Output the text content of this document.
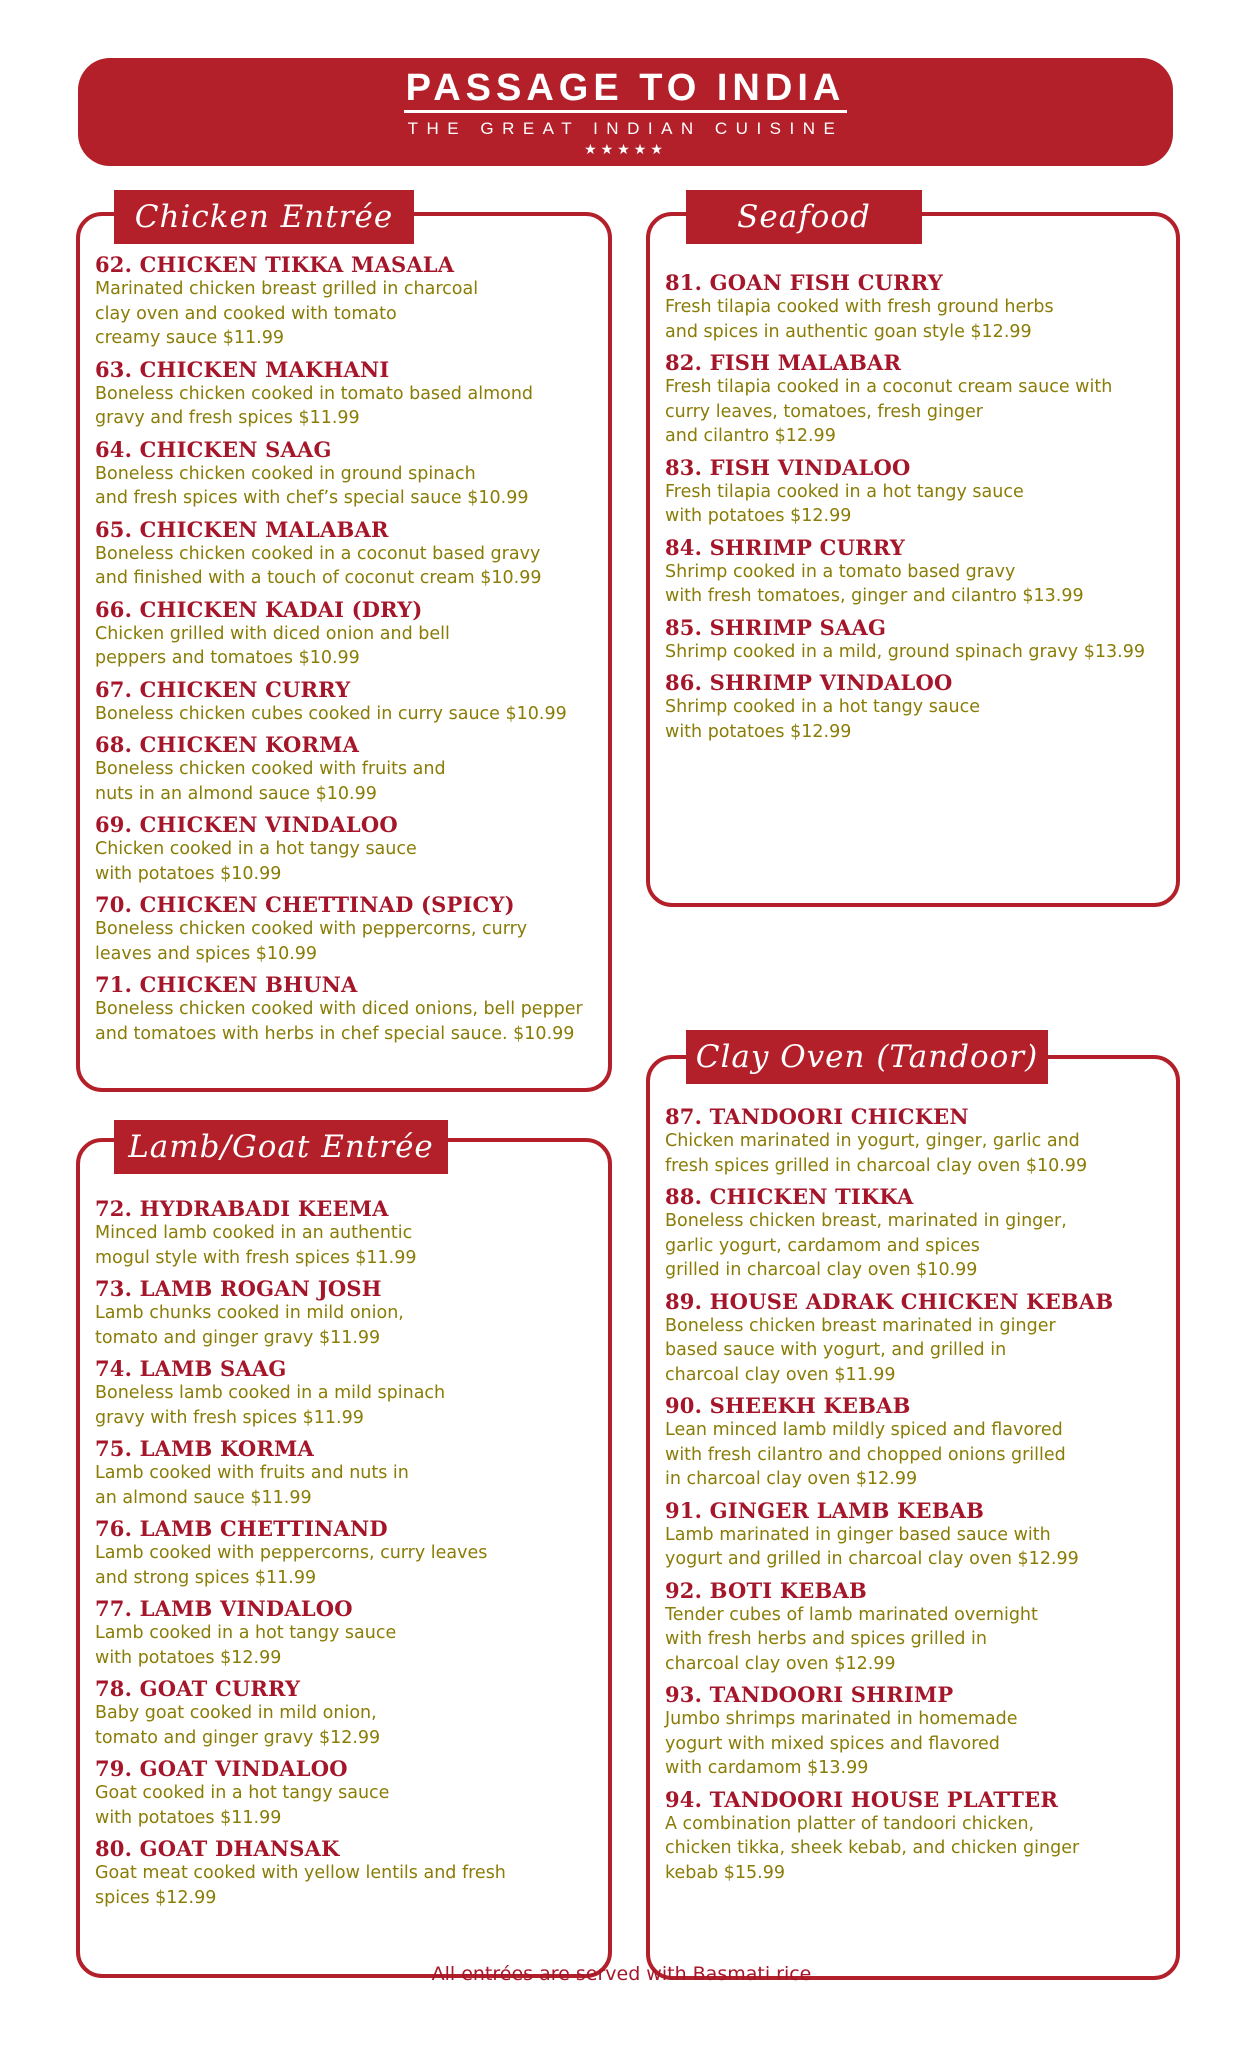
PASSAGE TO INDIA
THE GREAT INDIAN CUISINE
★★★★★
Chicken Entrée
62. CHICKEN TIKKA MASALA
Marinated chicken breast grilled in charcoal
clay oven and cooked with tomato
creamy sauce $11.99
63. CHICKEN MAKHANI
Boneless chicken cooked in tomato based almond
gravy and fresh spices $11.99
64. CHICKEN SAAG
Boneless chicken cooked in ground spinach
and fresh spices with chef’s special sauce $10.99
65. CHICKEN MALABAR
Boneless chicken cooked in a coconut based gravy
and finished with a touch of coconut cream $10.99
66. CHICKEN KADAI (DRY)
Chicken grilled with diced onion and bell
peppers and tomatoes $10.99
67. CHICKEN CURRY
Boneless chicken cubes cooked in curry sauce $10.99
68. CHICKEN KORMA
Boneless chicken cooked with fruits and
nuts in an almond sauce $10.99
69. CHICKEN VINDALOO
Chicken cooked in a hot tangy sauce
with potatoes $10.99
70. CHICKEN CHETTINAD (SPICY)
Boneless chicken cooked with peppercorns, curry
leaves and spices $10.99
71. CHICKEN BHUNA
Boneless chicken cooked with diced onions, bell pepper
and tomatoes with herbs in chef special sauce. $10.99
Seafood
81. GOAN FISH CURRY
Fresh tilapia cooked with fresh ground herbs
and spices in authentic goan style $12.99
82. FISH MALABAR
Fresh tilapia cooked in a coconut cream sauce with
curry leaves, tomatoes, fresh ginger
and cilantro $12.99
83. FISH VINDALOO
Fresh tilapia cooked in a hot tangy sauce
with potatoes $12.99
84. SHRIMP CURRY
Shrimp cooked in a tomato based gravy
with fresh tomatoes, ginger and cilantro $13.99
85. SHRIMP SAAG
Shrimp cooked in a mild, ground spinach gravy $13.99
86. SHRIMP VINDALOO
Shrimp cooked in a hot tangy sauce
with potatoes $12.99
Lamb/Goat Entrée
72. HYDRABADI KEEMA
Minced lamb cooked in an authentic
mogul style with fresh spices $11.99
73. LAMB ROGAN JOSH
Lamb chunks cooked in mild onion,
tomato and ginger gravy $11.99
74. LAMB SAAG
Boneless lamb cooked in a mild spinach
gravy with fresh spices $11.99
75. LAMB KORMA
Lamb cooked with fruits and nuts in
an almond sauce $11.99
76. LAMB CHETTINAND
Lamb cooked with peppercorns, curry leaves
and strong spices $11.99
77. LAMB VINDALOO
Lamb cooked in a hot tangy sauce
with potatoes $12.99
78. GOAT CURRY
Baby goat cooked in mild onion,
tomato and ginger gravy $12.99
79. GOAT VINDALOO
Goat cooked in a hot tangy sauce
with potatoes $11.99
80. GOAT DHANSAK
Goat meat cooked with yellow lentils and fresh
spices $12.99
Clay Oven (Tandoor)
87. TANDOORI CHICKEN
Chicken marinated in yogurt, ginger, garlic and
fresh spices grilled in charcoal clay oven $10.99
88. CHICKEN TIKKA
Boneless chicken breast, marinated in ginger,
garlic yogurt, cardamom and spices
grilled in charcoal clay oven $10.99
89. HOUSE ADRAK CHICKEN KEBAB
Boneless chicken breast marinated in ginger
based sauce with yogurt, and grilled in
charcoal clay oven $11.99
90. SHEEKH KEBAB
Lean minced lamb mildly spiced and flavored
with fresh cilantro and chopped onions grilled
in charcoal clay oven $12.99
91. GINGER LAMB KEBAB
Lamb marinated in ginger based sauce with
yogurt and grilled in charcoal clay oven $12.99
92. BOTI KEBAB
Tender cubes of lamb marinated overnight
with fresh herbs and spices grilled in
charcoal clay oven $12.99
93. TANDOORI SHRIMP
Jumbo shrimps marinated in homemade
yogurt with mixed spices and flavored
with cardamom $13.99
94. TANDOORI HOUSE PLATTER
A combination platter of tandoori chicken,
chicken tikka, sheek kebab, and chicken ginger
kebab $15.99
All entrées are served with Basmati rice
